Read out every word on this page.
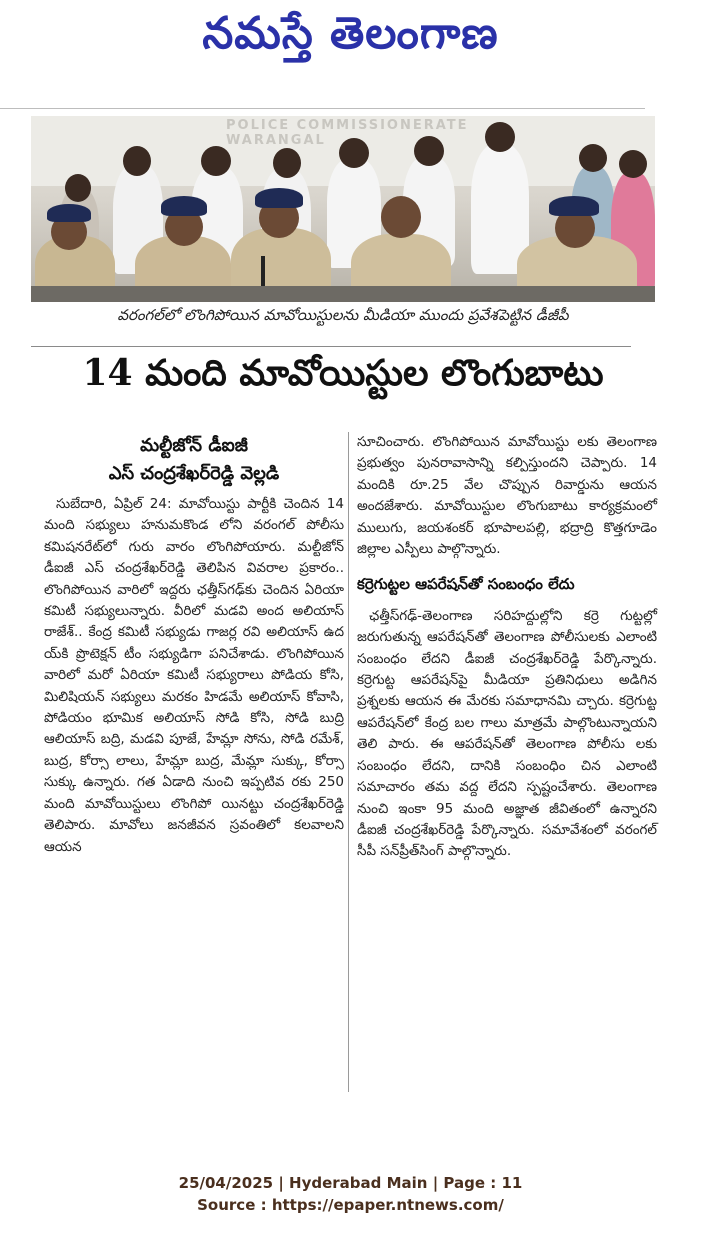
నమస్తే తెలంగాణ
POLICE COMMISSIONERATE WARANGAL
వరంగల్‌లో లొంగిపోయిన మావోయిస్టులను మీడియా ముందు ప్రవేశపెట్టిన డీజీపీ
14 మంది మావోయిస్టుల లొంగుబాటు
మల్టీజోన్ డీఐజీ
ఎస్ చంద్రశేఖర్‌రెడ్డి వెల్లడి

సుబేదారి, ఏప్రిల్ 24: మావోయిస్టు పార్టీకి చెందిన 14 మంది సభ్యులు హనుమకొండ లోని వరంగల్ పోలీసు కమిషనరేట్‌లో గురు వారం లొంగిపోయారు. మల్టీజోన్ డీఐజీ ఎస్ చంద్రశేఖర్‌రెడ్డి తెలిపిన వివరాల ప్రకారం.. లొంగిపోయిన వారిలో ఇద్దరు ఛత్తీస్‌గఢ్‌కు చెందిన ఏరియా కమిటీ సభ్యులున్నారు. వీరిలో మడవి అంద అలియాస్ రాజేశ్.. కేంద్ర కమిటీ సభ్యుడు గాజర్ల రవి అలియాస్ ఉద య్‌కి ప్రొటెక్షన్ టీం సభ్యుడిగా పనిచేశాడు. లొంగిపోయిన వారిలో మరో ఏరియా కమిటీ సభ్యురాలు పోడియ కోసి, మిలిషియన్ సభ్యులు మరకం హిడమే అలియాస్ కోవాసి, పోడియం భూమిక అలియాస్ సోడి కోసి, సోడి బుద్రి ఆలియాస్ బద్రి, మడవి పూజే, హేమ్లా సోను, సోడి రమేశ్, బుద్ర, కోర్సా లాలు, హేమ్లా బుద్ర, మేమ్లా సుక్కు, కోర్సా సుక్కు ఉన్నారు. గత ఏడాది నుంచి ఇప్పటివ రకు 250 మంది మావోయిస్టులు లొంగిపో యినట్టు చంద్రశేఖర్‌రెడ్డి తెలిపారు. మావోలు జనజీవన స్రవంతిలో కలవాలని ఆయన

సూచించారు. లొంగిపోయిన మావోయిస్టు లకు తెలంగాణ ప్రభుత్వం పునరావాసాన్ని కల్పిస్తుందని చెప్పారు. 14 మందికి రూ.25 వేల చొప్పున రివార్డును ఆయన అందజేశారు. మావోయిస్టుల లొంగుబాటు కార్యక్రమంలో ములుగు, జయశంకర్ భూపాలపల్లి, భద్రాద్రి కొత్తగూడెం జిల్లాల ఎస్పీలు పాల్గొన్నారు.

కర్రెగుట్టల ఆపరేషన్‌తో సంబంధం లేదు

ఛత్తీస్‌గఢ్-తెలంగాణ సరిహద్దుల్లోని కర్రె గుట్టల్లో జరుగుతున్న ఆపరేషన్‌తో తెలంగాణ పోలీసులకు ఎలాంటి సంబంధం లేదని డీఐజీ చంద్రశేఖర్‌రెడ్డి పేర్కొన్నారు. కర్రెగుట్ట ఆపరేషన్‌పై మీడియా ప్రతినిధులు అడిగిన ప్రశ్నలకు ఆయన ఈ మేరకు సమాధానమి చ్చారు. కర్రెగుట్ట ఆపరేషన్‌లో కేంద్ర బల గాలు మాత్రమే పాల్గొంటున్నాయని తెలి పారు. ఈ ఆపరేషన్‌తో తెలంగాణ పోలీసు లకు సంబంధం లేదని, దానికి సంబంధిం చిన ఎలాంటి సమాచారం తమ వద్ద లేదని స్పష్టంచేశారు. తెలంగాణ నుంచి ఇంకా 95 మంది అజ్ఞాత జీవితంలో ఉన్నారని డీఐజీ చంద్రశేఖర్‌రెడ్డి పేర్కొన్నారు. సమావేశంలో వరంగల్ సీపీ సన్‌ప్రీత్‌సింగ్ పాల్గొన్నారు.

25/04/2025 | Hyderabad Main | Page : 11
Source : https://epaper.ntnews.com/
